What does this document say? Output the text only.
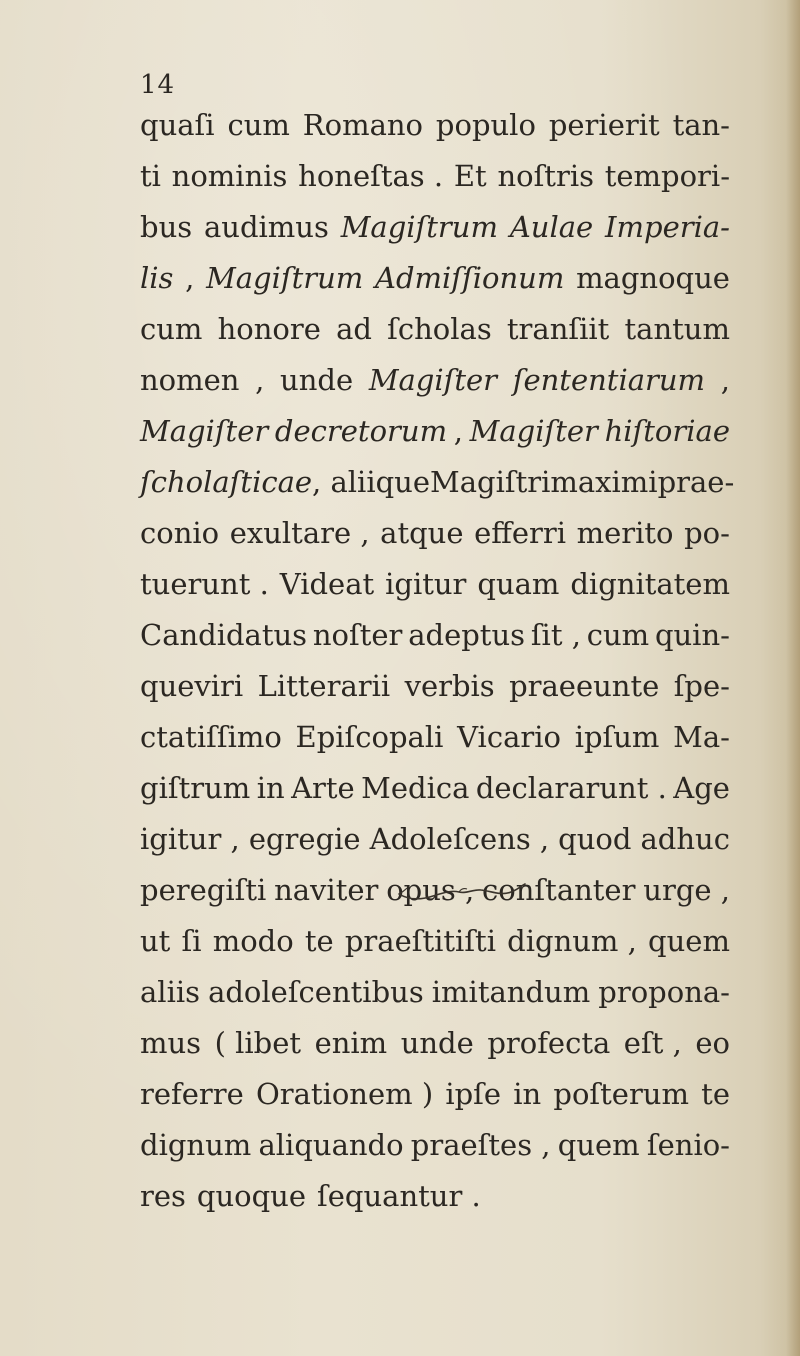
14
quaſi cum Romano populo perierit tan-
ti nominis honeſtas . Et noſtris tempori-
bus audimus Magiſtrum Aulae Imperia-
lis , Magiſtrum Admiſſionum magnoque
cum honore ad ſcholas tranſiit tantum
nomen , unde Magiſter ſententiarum ,
Magiſter decretorum , Magiſter hiſtoriae
ſcholaſticae , aliique Magiſtri maximi prae-
conio exultare , atque efferri merito po-
tuerunt . Videat igitur quam dignitatem
Candidatus noſter adeptus ſit , cum quin-
queviri Litterarii verbis praeeunte ſpe-
ctatiſſimo Epiſcopali Vicario ipſum Ma-
giſtrum in Arte Medica declararunt . Age
igitur , egregie Adoleſcens , quod adhuc
peregiſti naviter opus , conſtanter urge ,
ut ſi modo te praeſtitiſti dignum , quem
aliis adoleſcentibus imitandum propona-
mus ( libet enim unde profecta eſt , eo
referre Orationem ) ipſe in poſterum te
dignum aliquando praeſtes , quem ſenio-
res quoque ſequantur .
